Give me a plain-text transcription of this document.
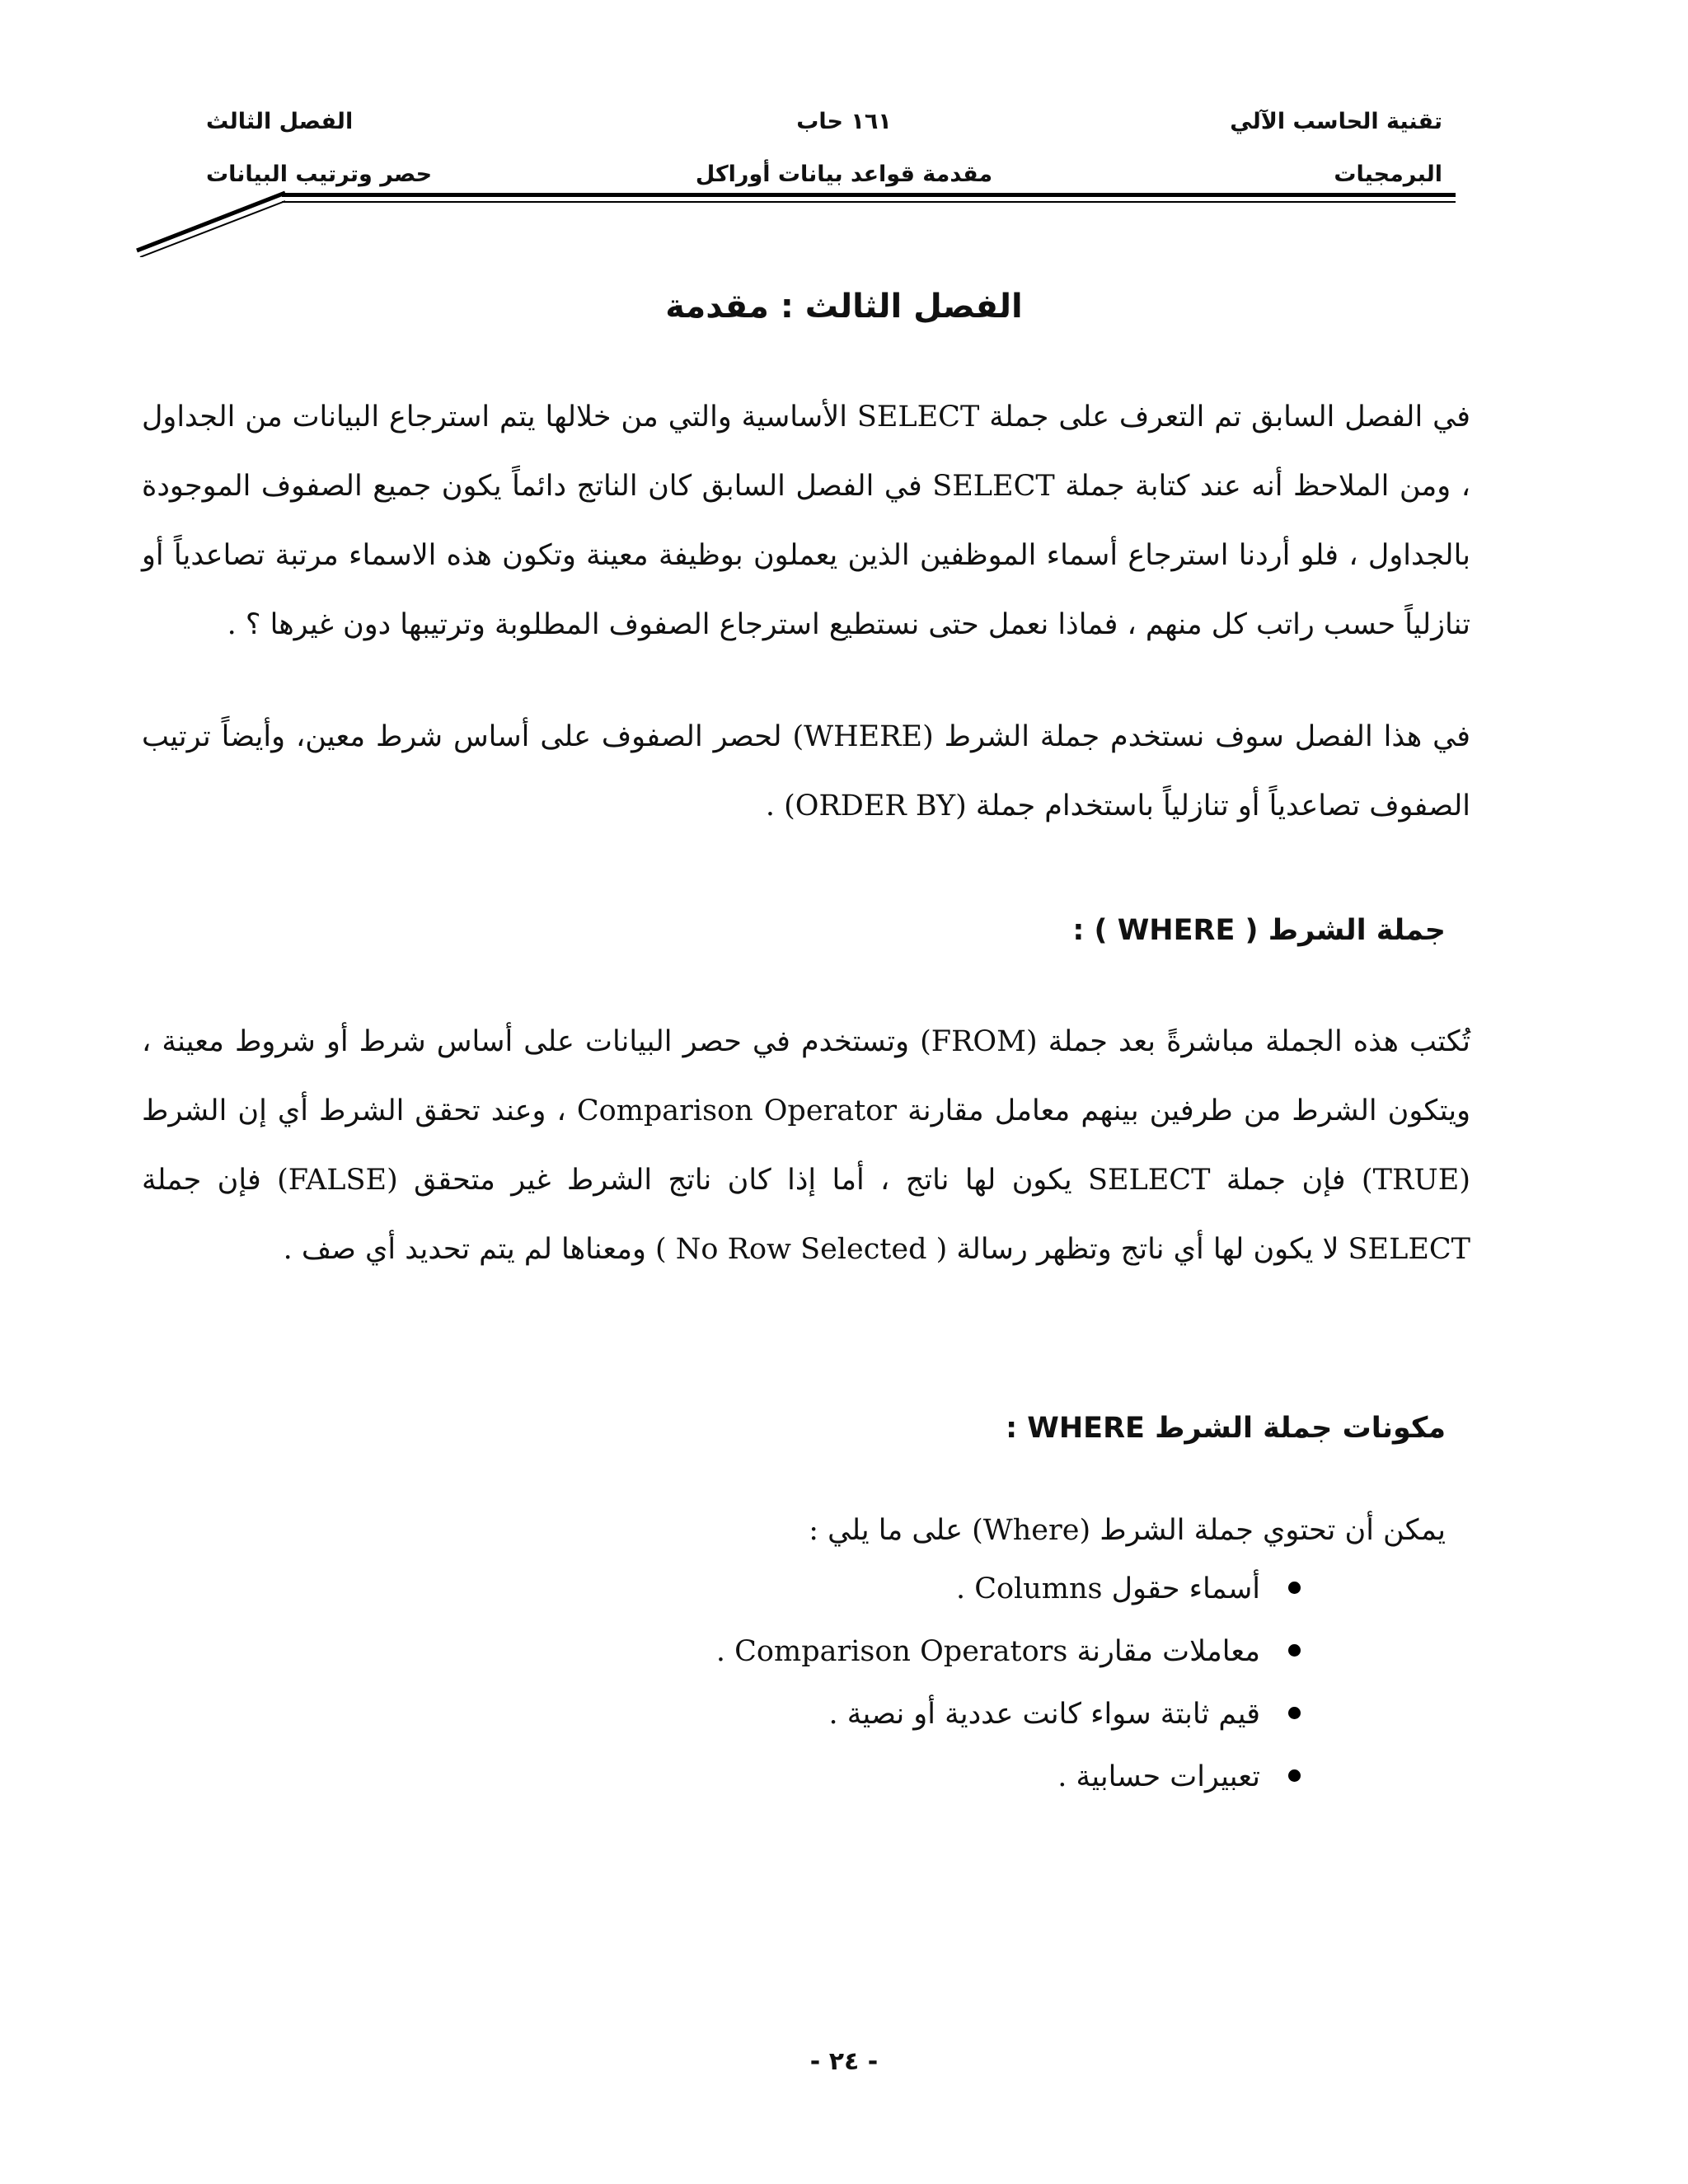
تقنية الحاسب الآلي
البرمجيات
١٦١ حاب
مقدمة قواعد بيانات أوراكل
الفصل الثالث
حصر وترتيب البيانات
الفصل الثالث : مقدمة

في الفصل السابق تم التعرف على جملة SELECT الأساسية والتي من خلالها يتم استرجاع البيانات من الجداول ، ومن الملاحظ أنه عند كتابة جملة SELECT في الفصل السابق كان الناتج دائماً يكون جميع الصفوف الموجودة بالجداول ، فلو أردنا استرجاع أسماء الموظفين الذين يعملون بوظيفة معينة وتكون هذه الاسماء مرتبة تصاعدياً أو تنازلياً حسب راتب كل منهم ، فماذا نعمل حتى نستطيع استرجاع الصفوف المطلوبة وترتيبها دون غيرها ؟ .

في هذا الفصل سوف نستخدم جملة الشرط (WHERE) لحصر الصفوف على أساس شرط معين، وأيضاً ترتيب الصفوف تصاعدياً أو تنازلياً باستخدام جملة (ORDER BY) .

جملة الشرط ( WHERE ) :

تُكتب هذه الجملة مباشرةً بعد جملة (FROM) وتستخدم في حصر البيانات على أساس شرط أو شروط معينة ، ويتكون الشرط من طرفين بينهم معامل مقارنة Comparison Operator ، وعند تحقق الشرط أي إن الشرط (TRUE) فإن جملة SELECT يكون لها ناتج ، أما إذا كان ناتج الشرط غير متحقق (FALSE) فإن جملة SELECT لا يكون لها أي ناتج وتظهر رسالة ( No Row Selected ) ومعناها لم يتم تحديد أي صف .

مكونات جملة الشرط WHERE :
يمكن أن تحتوي جملة الشرط (Where) على ما يلي :
أسماء حقول Columns .
معاملات مقارنة Comparison Operators .
قيم ثابتة سواء كانت عددية أو نصية .
تعبيرات حسابية .
- ٢٤ -
